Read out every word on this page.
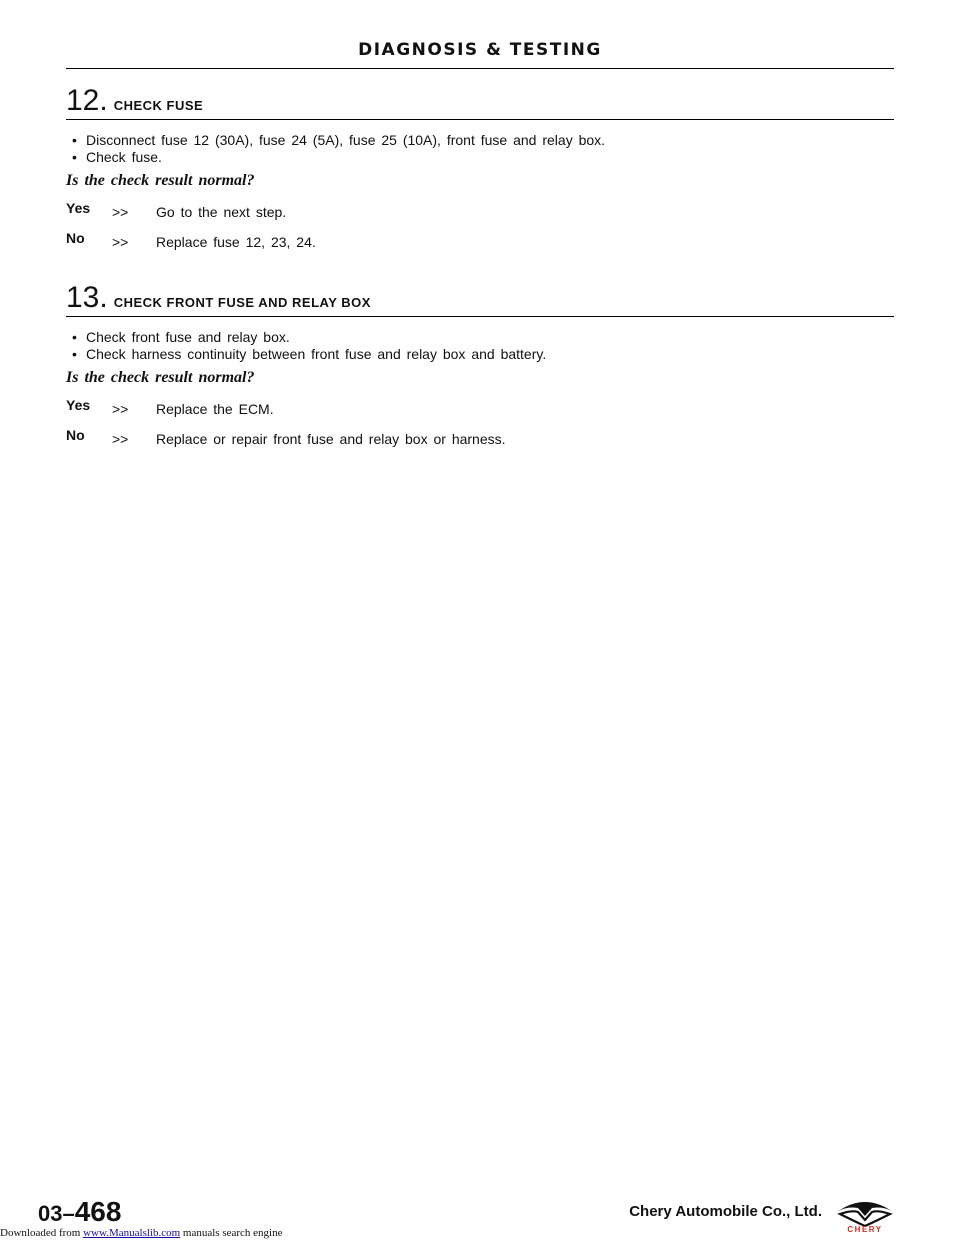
DIAGNOSIS & TESTING
12. CHECK FUSE
• Disconnect fuse 12 (30A), fuse 24 (5A), fuse 25 (10A), front fuse and relay box.
• Check fuse.
Is the check result normal?
Yes	>>	Go to the next step.
No	>>	Replace fuse 12, 23, 24.
13. CHECK FRONT FUSE AND RELAY BOX
• Check front fuse and relay box.
• Check harness continuity between front fuse and relay box and battery.
Is the check result normal?
Yes	>>	Replace the ECM.
No	>>	Replace or repair front fuse and relay box or harness.
03–468	Chery Automobile Co., Ltd.
CHERY
Downloaded from www.Manualslib.com manuals search engine
